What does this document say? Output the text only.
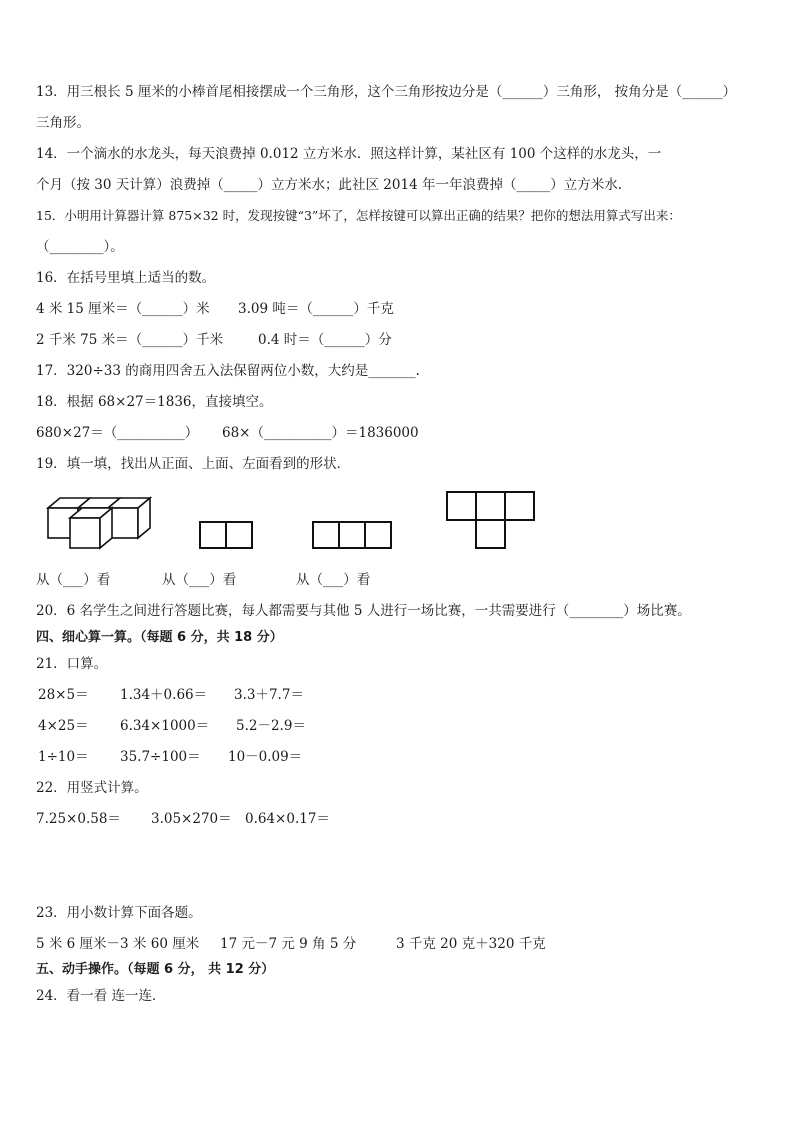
13．用三根长 5 厘米的小棒首尾相接摆成一个三角形，这个三角形按边分是（______）三角形， 按角分是（______）
三角形。
14．一个滴水的水龙头，每天浪费掉 0.012 立方米水．照这样计算，某社区有 100 个这样的水龙头，一
个月（按 30 天计算）浪费掉（_____）立方米水；此社区 2014 年一年浪费掉（_____）立方米水.
15．小明用计算器计算 875×32 时，发现按键“3”坏了，怎样按键可以算出正确的结果？把你的想法用算式写出来：
（________）。
16．在括号里填上适当的数。
4 米 15 厘米＝（______）米 3.09 吨＝（______）千克
2 千米 75 米＝（______）千米	0.4 时＝（______）分
17．320÷33 的商用四舍五入法保留两位小数，大约是_______.
18．根据 68×27＝1836，直接填空。
680×27＝（__________） 68×（__________）＝1836000
19．填一填，找出从正面、上面、左面看到的形状．
从（___）看	从（___）看	从（___）看
20．6 名学生之间进行答题比赛，每人都需要与其他 5 人进行一场比赛，一共需要进行（________）场比赛。
四、细心算一算。（每题 6 分，共 18 分）
21．口算。
28×5＝ 1.34＋0.66＝ 3.3＋7.7＝
4×25＝ 6.34×1000＝ 5.2－2.9＝
1÷10＝ 35.7÷100＝ 10－0.09＝
22．用竖式计算。
7.25×0.58＝ 3.05×270＝ 0.64×0.17＝
23．用小数计算下面各题。
5 米 6 厘米－3 米 60 厘米 17 元－7 元 9 角 5 分	3 千克 20 克＋320 千克
五、动手操作。（每题 6 分， 共 12 分）
24．看一看 连一连．
